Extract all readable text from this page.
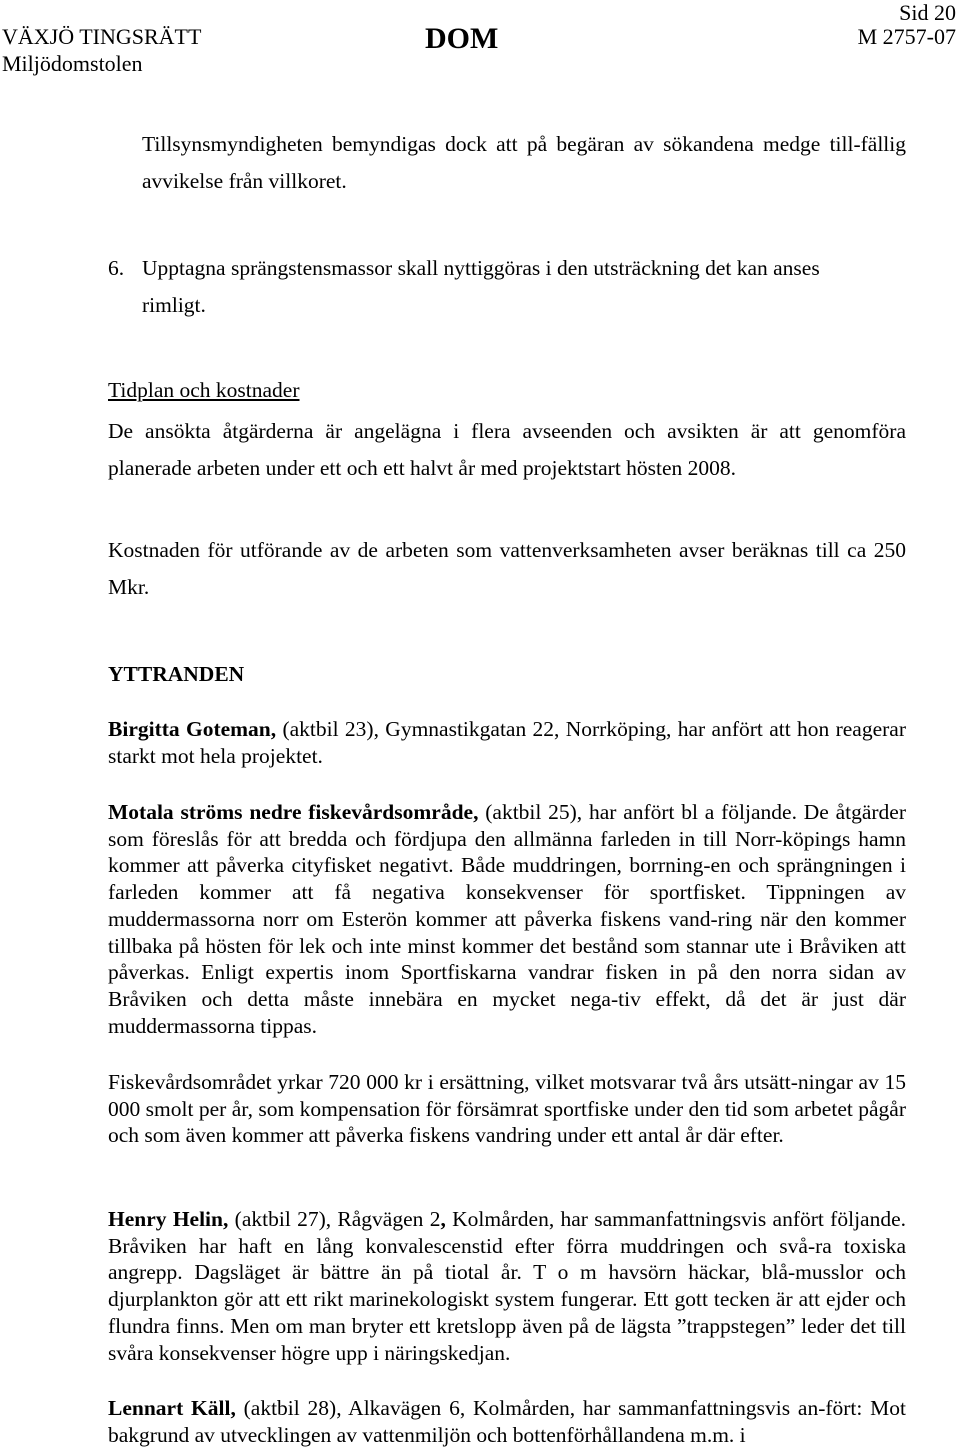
VÄXJÖ TINGSRÄTT
Miljödomstolen
DOM
Sid 20
M 2757-07

Tillsynsmyndigheten bemyndigas dock att på begäran av sökandena medge till-fällig avvikelse från villkoret.

6. Upptagna sprängstensmassor skall nyttiggöras i den utsträckning det kan anses
rimligt.
Tidplan och kostnader

De ansökta åtgärderna är angelägna i flera avseenden och avsikten är att genomföra planerade arbeten under ett och ett halvt år med projektstart hösten 2008.

Kostnaden för utförande av de arbeten som vattenverksamheten avser beräknas till ca 250 Mkr.

YTTRANDEN

Birgitta Goteman, (aktbil 23), Gymnastikgatan 22, Norrköping, har anfört att hon reagerar starkt mot hela projektet.

Motala ströms nedre fiskevårdsområde, (aktbil 25), har anfört bl a följande. De åtgärder som föreslås för att bredda och fördjupa den allmänna farleden in till Norr-köpings hamn kommer att påverka cityfisket negativt. Både muddringen, borrning-en och sprängningen i farleden kommer att få negativa konsekvenser för sportfisket. Tippningen av muddermassorna norr om Esterön kommer att påverka fiskens vand-ring när den kommer tillbaka på hösten för lek och inte minst kommer det bestånd som stannar ute i Bråviken att påverkas. Enligt expertis inom Sportfiskarna vandrar fisken in på den norra sidan av Bråviken och detta måste innebära en mycket nega-tiv effekt, då det är just där muddermassorna tippas.

Fiskevårdsområdet yrkar 720 000 kr i ersättning, vilket motsvarar två års utsätt-ningar av 15 000 smolt per år, som kompensation för försämrat sportfiske under den tid som arbetet pågår och som även kommer att påverka fiskens vandring under ett antal år där efter.

Henry Helin, (aktbil 27), Rågvägen 2, Kolmården, har sammanfattningsvis anfört följande. Bråviken har haft en lång konvalescenstid efter förra muddringen och svå-ra toxiska angrepp. Dagsläget är bättre än på tiotal år. T o m havsörn häckar, blå-musslor och djurplankton gör att ett rikt marinekologiskt system fungerar. Ett gott tecken är att ejder och flundra finns. Men om man bryter ett kretslopp även på de lägsta ”trappstegen” leder det till svåra konsekvenser högre upp i näringskedjan.

Lennart Käll, (aktbil 28), Alkavägen 6, Kolmården, har sammanfattningsvis an-fört: Mot bakgrund av utvecklingen av vattenmiljön och bottenförhållandena m.m. i
